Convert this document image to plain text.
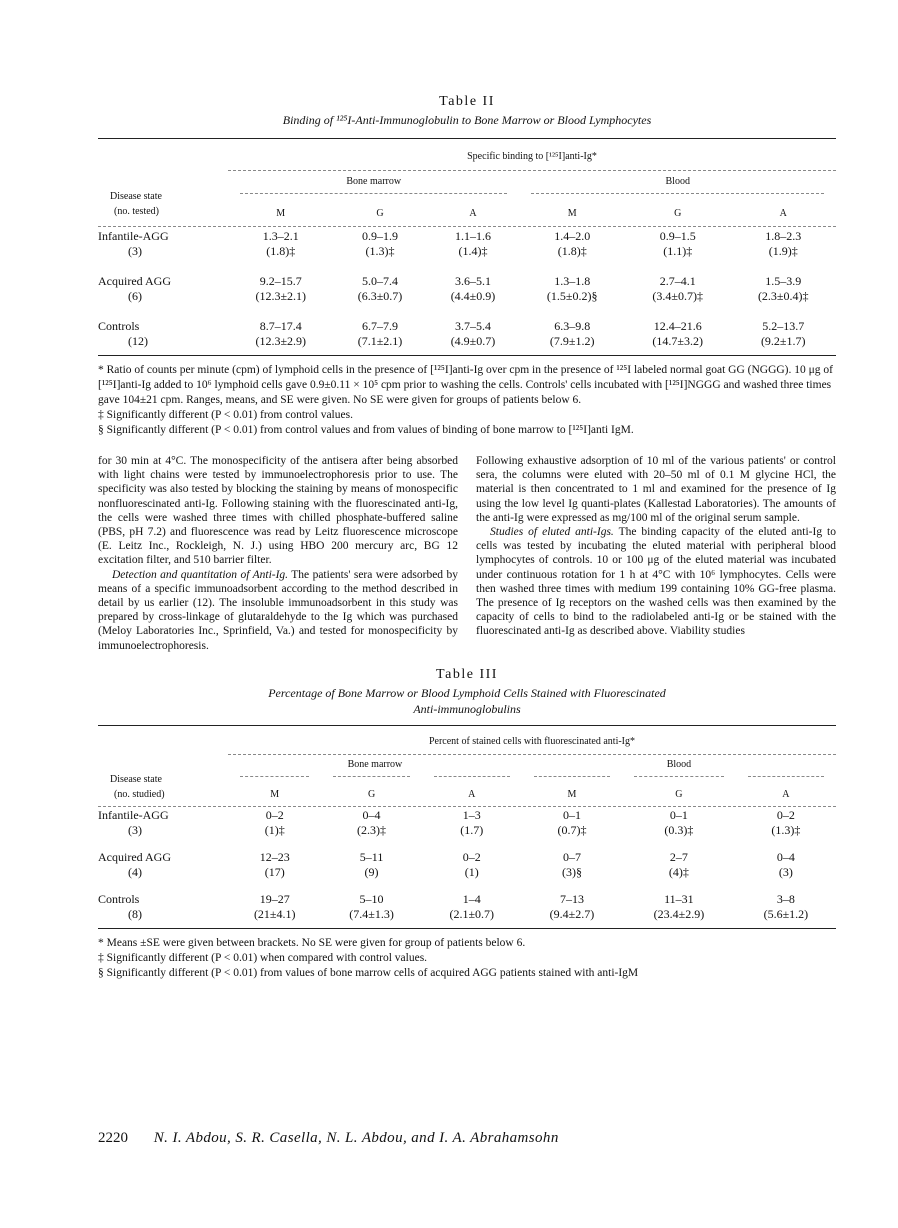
Table II
Binding of ¹²⁵I-Anti-Immunoglobulin to Bone Marrow or Blood Lymphocytes
	Specific binding to [¹²⁵I]anti-Ig*					

	Bone marrow			Blood		
Disease state					

(no. tested)	M	G	A	M	G	A

Infantile-AGG	1.3–2.1	0.9–1.9	1.1–1.6	1.4–2.0	0.9–1.5	1.8–2.3
(3)	(1.8)‡	(1.3)‡	(1.4)‡	(1.8)‡	(1.1)‡	(1.9)‡

Acquired AGG	9.2–15.7	5.0–7.4	3.6–5.1	1.3–1.8	2.7–4.1	1.5–3.9
(6)	(12.3±2.1)	(6.3±0.7)	(4.4±0.9)	(1.5±0.2)§	(3.4±0.7)‡	(2.3±0.4)‡

Controls	8.7–17.4	6.7–7.9	3.7–5.4	6.3–9.8	12.4–21.6	5.2–13.7
(12)	(12.3±2.9)	(7.1±2.1)	(4.9±0.7)	(7.9±1.2)	(14.7±3.2)	(9.2±1.7)

* Ratio of counts per minute (cpm) of lymphoid cells in the presence of [¹²⁵I]anti-Ig over cpm in the presence of ¹²⁵I labeled normal goat GG (NGGG). 10 μg of [¹²⁵I]anti-Ig added to 10⁶ lymphoid cells gave 0.9±0.11 × 10⁵ cpm prior to washing the cells. Controls' cells incubated with [¹²⁵I]NGGG and washed three times gave 104±21 cpm. Ranges, means, and SE were given. No SE were given for groups of patients below 6.

‡ Significantly different (P < 0.01) from control values.

§ Significantly different (P < 0.01) from control values and from values of binding of bone marrow to [¹²⁵I]anti IgM.

for 30 min at 4°C. The monospecificity of the antisera after being absorbed with light chains were tested by immunoelectrophoresis prior to use. The specificity was also tested by blocking the staining by means of monospecific nonfluorescinated anti-Ig. Following staining with the fluorescinated anti-Ig, the cells were washed three times with chilled phosphate-buffered saline (PBS, pH 7.2) and fluorescence was read by Leitz fluorescence microscope (E. Leitz Inc., Rockleigh, N. J.) using HBO 200 mercury arc, BG 12 excitation filter, and 510 barrier filter.
Detection and quantitation of Anti-Ig. The patients' sera were adsorbed by means of a specific immunoadsorbent according to the method described in detail by us earlier (12). The insoluble immunoadsorbent in this study was prepared by cross-linkage of glutaraldehyde to the Ig which was purchased (Meloy Laboratories Inc., Sprinfield, Va.) and tested for monospecificity by immunoelectrophoresis.
Following exhaustive adsorption of 10 ml of the various patients' or control sera, the columns were eluted with 20–50 ml of 0.1 M glycine HCl, the material is then concentrated to 1 ml and examined for the presence of Ig using the low level Ig quanti-plates (Kallestad Laboratories). The amounts of the anti-Ig were expressed as mg/100 ml of the original serum sample.
Studies of eluted anti-Igs. The binding capacity of the eluted anti-Ig to cells was tested by incubating the eluted material with peripheral blood lymphocytes of controls. 10 or 100 μg of the eluted material was incubated under continuous rotation for 1 h at 4°C with 10⁶ lymphocytes. Cells were then washed three times with medium 199 containing 10% GG-free plasma. The presence of Ig receptors on the washed cells was then examined by the capacity of cells to bind to the radiolabeled anti-Ig or be stained with the fluorescinated anti-Ig as described above. Viability studies
Table III
Percentage of Bone Marrow or Blood Lymphoid Cells Stained with Fluorescinated
Anti-immunoglobulins
	Percent of stained cells with fluorescinated anti-Ig*					

	Bone marrow			Blood		
Disease state	

(no. studied)	M	G	A	M	G	A

Infantile-AGG	0–2	0–4	1–3	0–1	0–1	0–2
(3)	(1)‡	(2.3)‡	(1.7)	(0.7)‡	(0.3)‡	(1.3)‡

Acquired AGG	12–23	5–11	0–2	0–7	2–7	0–4
(4)	(17)	(9)	(1)	(3)§	(4)‡	(3)

Controls	19–27	5–10	1–4	7–13	11–31	3–8
(8)	(21±4.1)	(7.4±1.3)	(2.1±0.7)	(9.4±2.7)	(23.4±2.9)	(5.6±1.2)

* Means ±SE were given between brackets. No SE were given for group of patients below 6.

‡ Significantly different (P < 0.01) when compared with control values.

§ Significantly different (P < 0.01) from values of bone marrow cells of acquired AGG patients stained with anti-IgM

2220 N. I. Abdou, S. R. Casella, N. L. Abdou, and I. A. Abrahamsohn
